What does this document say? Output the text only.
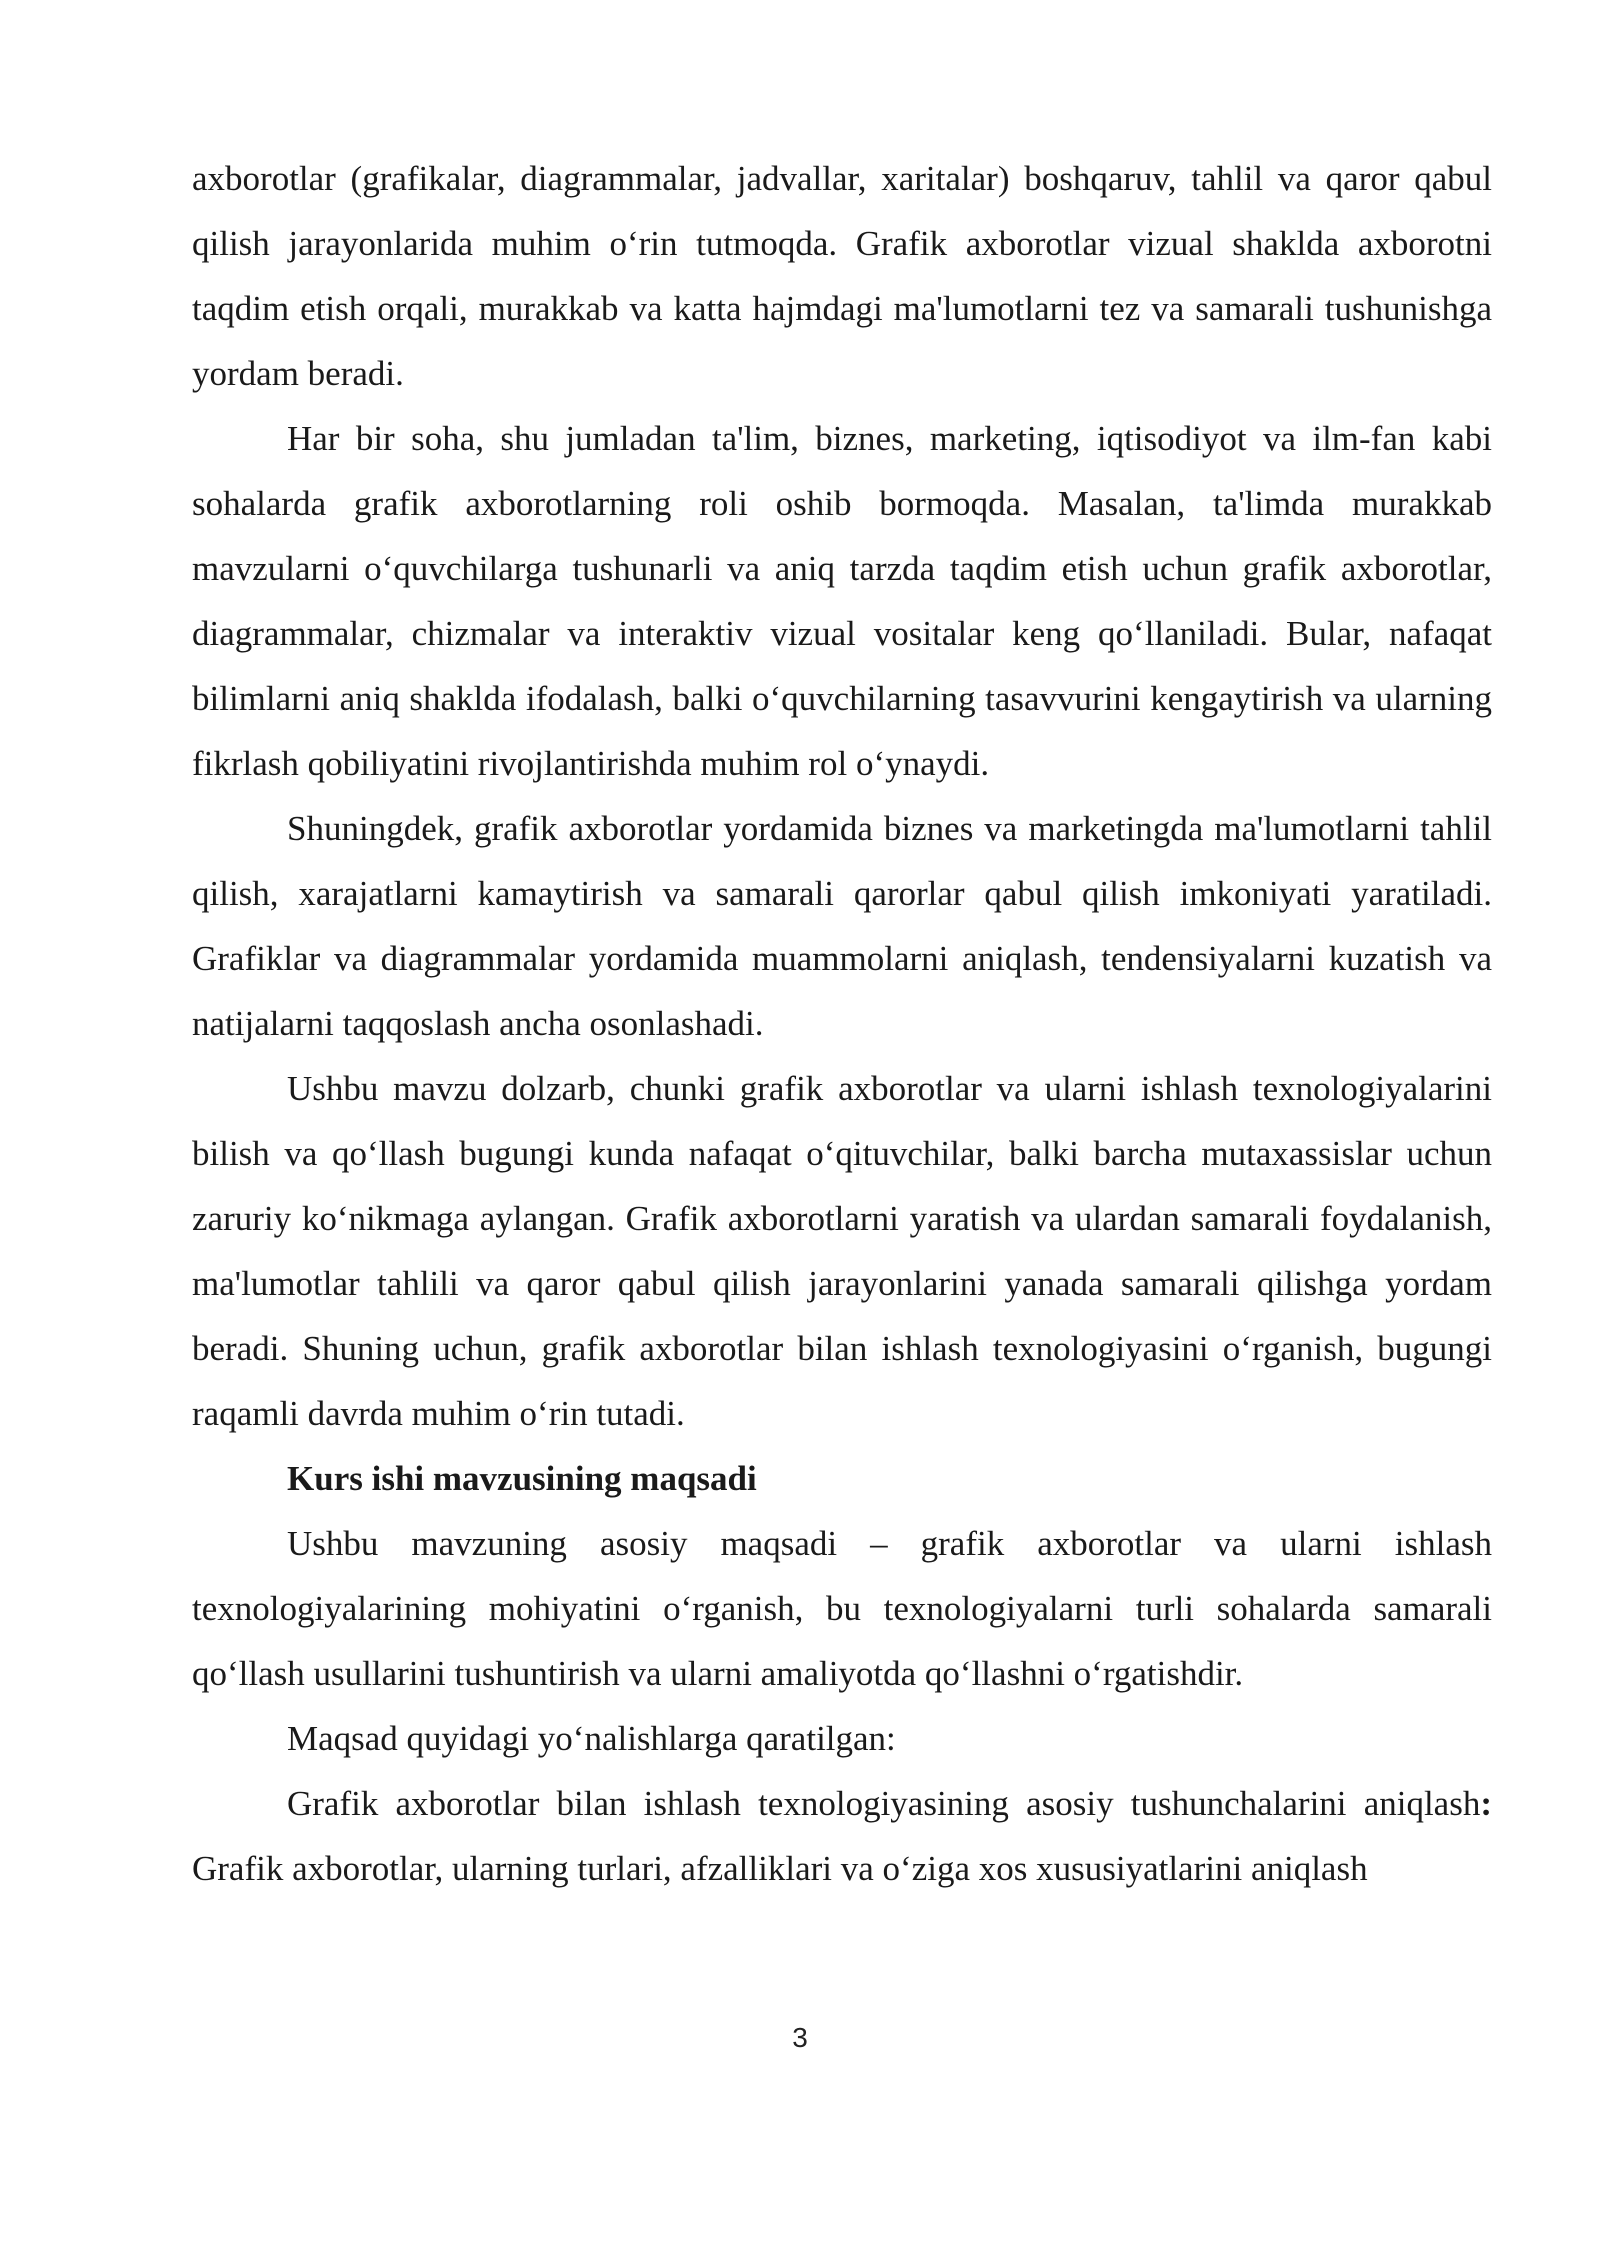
axborotlar (grafikalar, diagrammalar, jadvallar, xaritalar) boshqaruv, tahlil va qaror qabul qilish jarayonlarida muhim o‘rin tutmoqda. Grafik axborotlar vizual shaklda axborotni taqdim etish orqali, murakkab va katta hajmdagi ma'lumotlarni tez va samarali tushunishga yordam beradi.

Har bir soha, shu jumladan ta'lim, biznes, marketing, iqtisodiyot va ilm-fan kabi sohalarda grafik axborotlarning roli oshib bormoqda. Masalan, ta'limda murakkab mavzularni o‘quvchilarga tushunarli va aniq tarzda taqdim etish uchun grafik axborotlar, diagrammalar, chizmalar va interaktiv vizual vositalar keng qo‘llaniladi. Bular, nafaqat bilimlarni aniq shaklda ifodalash, balki o‘quvchilarning tasavvurini kengaytirish va ularning fikrlash qobiliyatini rivojlantirishda muhim rol o‘ynaydi.

Shuningdek, grafik axborotlar yordamida biznes va marketingda ma'lumotlarni tahlil qilish, xarajatlarni kamaytirish va samarali qarorlar qabul qilish imkoniyati yaratiladi. Grafiklar va diagrammalar yordamida muammolarni aniqlash, tendensiyalarni kuzatish va natijalarni taqqoslash ancha osonlashadi.

Ushbu mavzu dolzarb, chunki grafik axborotlar va ularni ishlash texnologiyalarini bilish va qo‘llash bugungi kunda nafaqat o‘qituvchilar, balki barcha mutaxassislar uchun zaruriy ko‘nikmaga aylangan. Grafik axborotlarni yaratish va ulardan samarali foydalanish, ma'lumotlar tahlili va qaror qabul qilish jarayonlarini yanada samarali qilishga yordam beradi. Shuning uchun, grafik axborotlar bilan ishlash texnologiyasini o‘rganish, bugungi raqamli davrda muhim o‘rin tutadi.

Kurs ishi mavzusining maqsadi

Ushbu mavzuning asosiy maqsadi – grafik axborotlar va ularni ishlash texnologiyalarining mohiyatini o‘rganish, bu texnologiyalarni turli sohalarda samarali qo‘llash usullarini tushuntirish va ularni amaliyotda qo‘llashni o‘rgatishdir.

Maqsad quyidagi yo‘nalishlarga qaratilgan:

Grafik axborotlar bilan ishlash texnologiyasining asosiy tushunchalarini aniqlash: Grafik axborotlar, ularning turlari, afzalliklari va o‘ziga xos xususiyatlarini aniqlash

3
